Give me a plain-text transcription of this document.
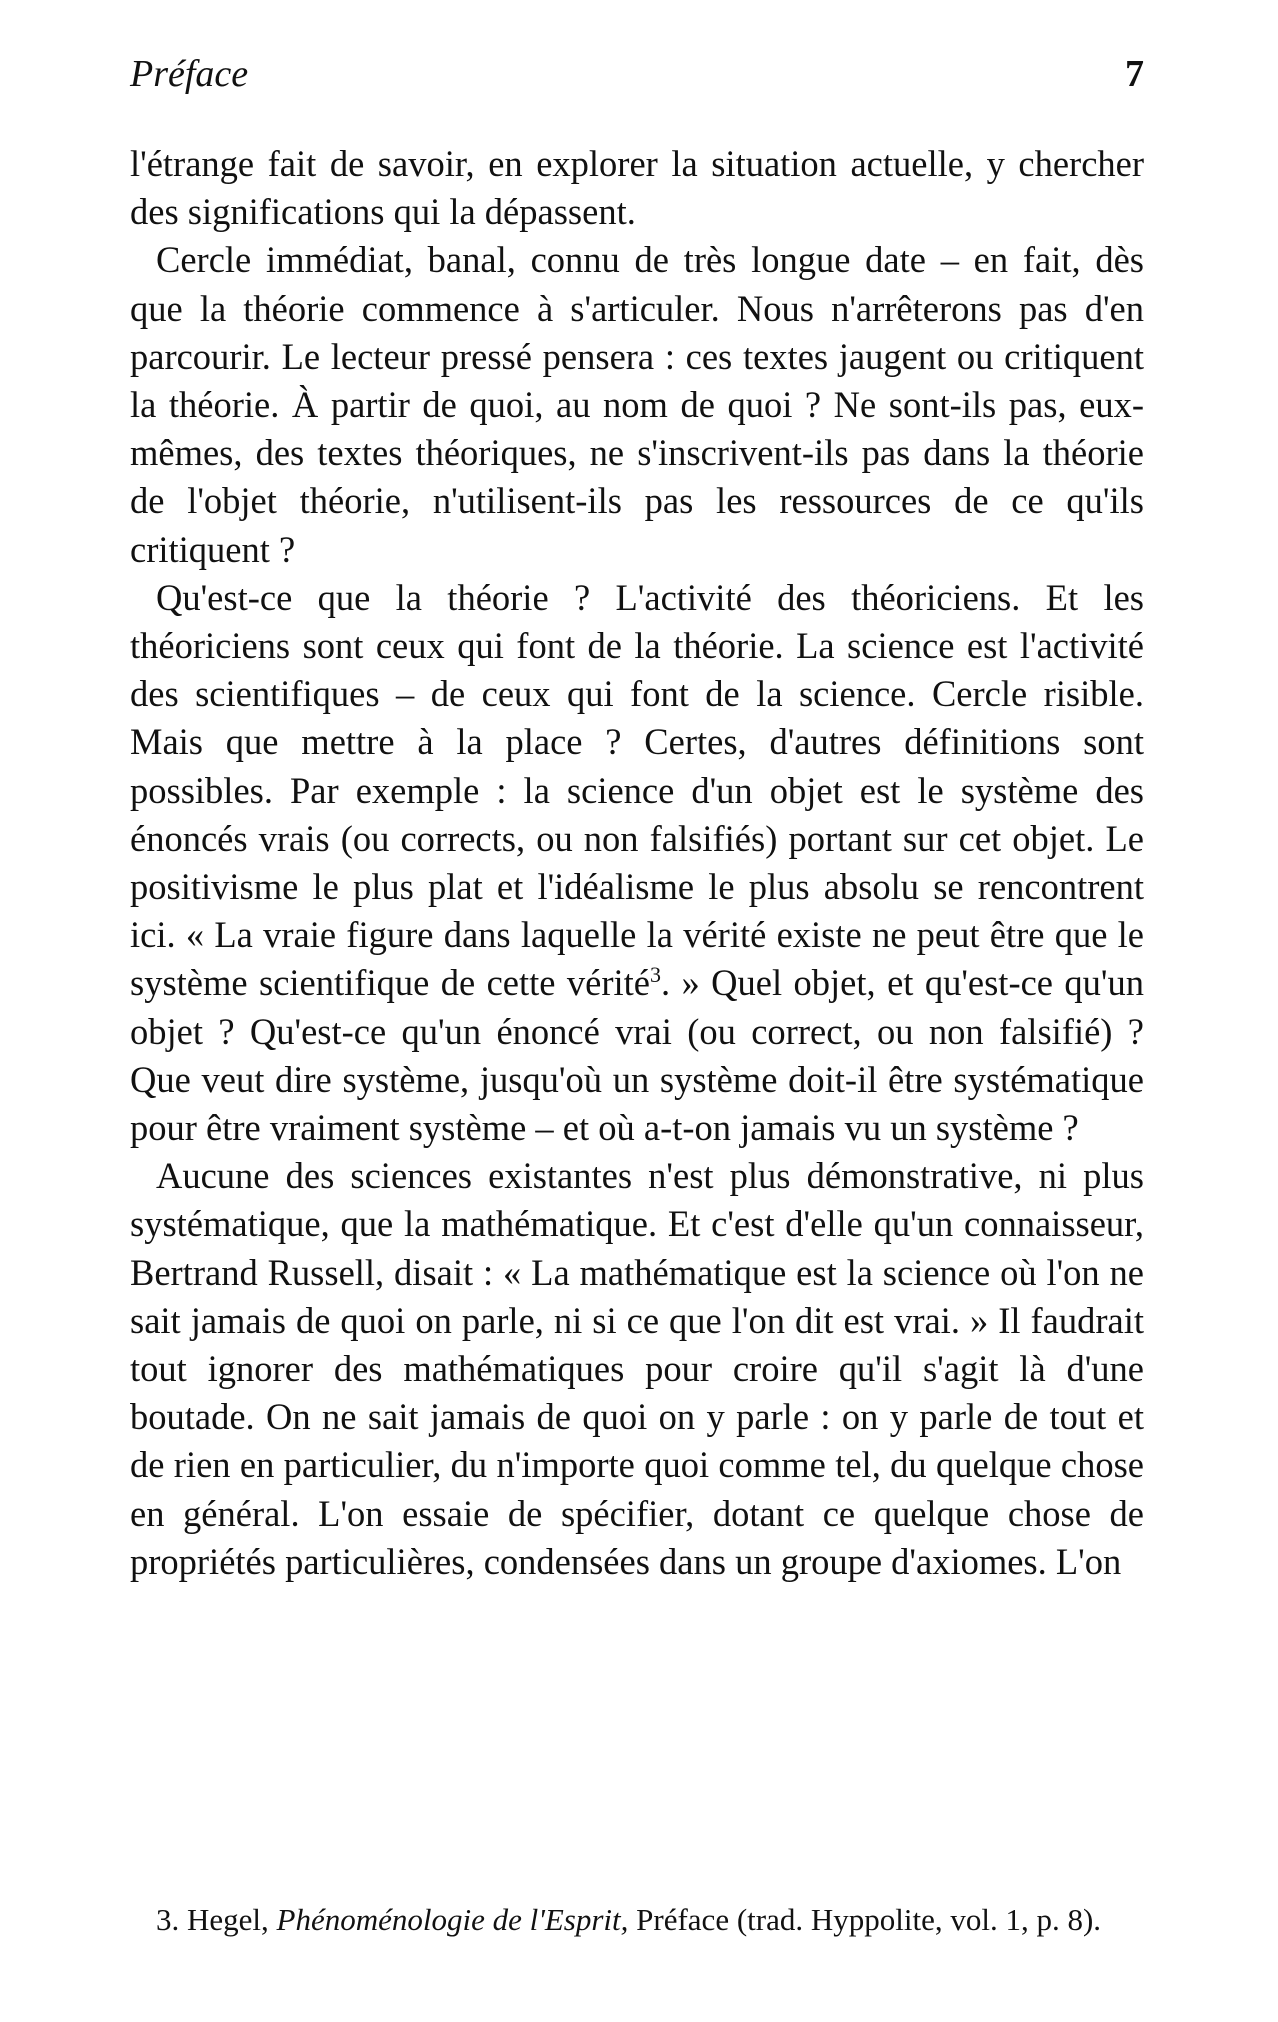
Préface	7

l'étrange fait de savoir, en explorer la situation actuelle, y chercher des significations qui la dépassent.

Cercle immédiat, banal, connu de très longue date – en fait, dès que la théorie commence à s'articuler. Nous n'arrêterons pas d'en parcourir. Le lecteur pressé pensera : ces textes jaugent ou critiquent la théorie. À partir de quoi, au nom de quoi ? Ne sont-ils pas, eux-mêmes, des textes théoriques, ne s'inscrivent-ils pas dans la théorie de l'objet théorie, n'utilisent-ils pas les ressources de ce qu'ils critiquent ?

Qu'est-ce que la théorie ? L'activité des théoriciens. Et les théoriciens sont ceux qui font de la théorie. La science est l'activité des scientifiques – de ceux qui font de la science. Cercle risible. Mais que mettre à la place ? Certes, d'autres définitions sont possibles. Par exemple : la science d'un objet est le système des énoncés vrais (ou corrects, ou non falsifiés) portant sur cet objet. Le positivisme le plus plat et l'idéalisme le plus absolu se rencontrent ici. « La vraie figure dans laquelle la vérité existe ne peut être que le système scientifique de cette vérité$^3$. » Quel objet, et qu'est-ce qu'un objet ? Qu'est-ce qu'un énoncé vrai (ou correct, ou non falsifié) ? Que veut dire système, jusqu'où un système doit-il être systématique pour être vraiment système – et où a-t-on jamais vu un système ?

Aucune des sciences existantes n'est plus démonstrative, ni plus systématique, que la mathématique. Et c'est d'elle qu'un connaisseur, Bertrand Russell, disait : « La mathématique est la science où l'on ne sait jamais de quoi on parle, ni si ce que l'on dit est vrai. » Il faudrait tout ignorer des mathématiques pour croire qu'il s'agit là d'une boutade. On ne sait jamais de quoi on y parle : on y parle de tout et de rien en particulier, du n'importe quoi comme tel, du quelque chose en général. L'on essaie de spécifier, dotant ce quelque chose de propriétés particulières, condensées dans un groupe d'axiomes. L'on

3. Hegel, Phénoménologie de l'Esprit, Préface (trad. Hyppolite, vol. 1, p. 8).
